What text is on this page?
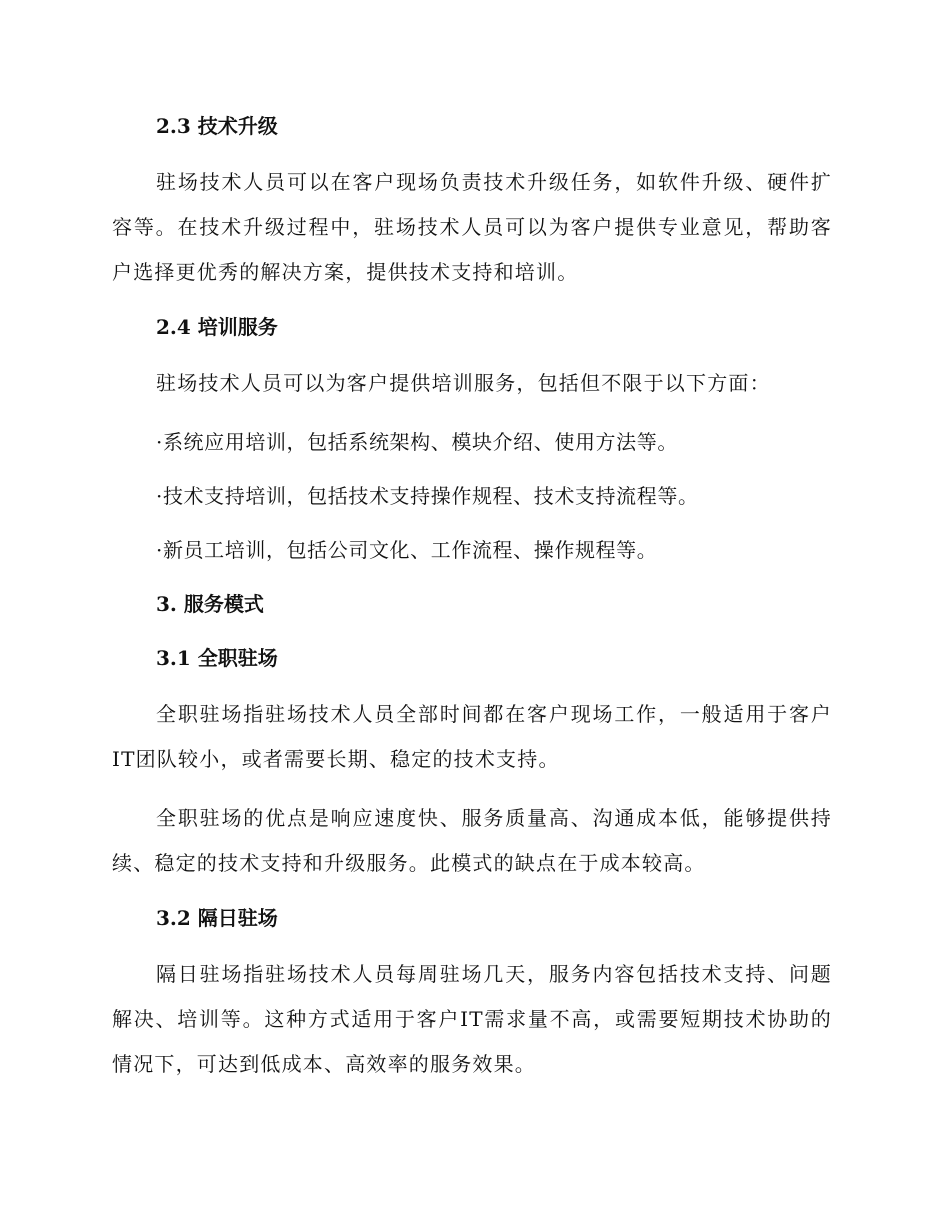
2.3 技术升级

驻场技术人员可以在客户现场负责技术升级任务，如软件升级、硬件扩容等。在技术升级过程中，驻场技术人员可以为客户提供专业意见，帮助客户选择更优秀的解决方案，提供技术支持和培训。

2.4 培训服务

驻场技术人员可以为客户提供培训服务，包括但不限于以下方面：

·系统应用培训，包括系统架构、模块介绍、使用方法等。

·技术支持培训，包括技术支持操作规程、技术支持流程等。

·新员工培训，包括公司文化、工作流程、操作规程等。

3. 服务模式
3.1 全职驻场

全职驻场指驻场技术人员全部时间都在客户现场工作，一般适用于客户IT团队较小，或者需要长期、稳定的技术支持。

全职驻场的优点是响应速度快、服务质量高、沟通成本低，能够提供持续、稳定的技术支持和升级服务。此模式的缺点在于成本较高。

3.2 隔日驻场

隔日驻场指驻场技术人员每周驻场几天，服务内容包括技术支持、问题解决、培训等。这种方式适用于客户IT需求量不高，或需要短期技术协助的情况下，可达到低成本、高效率的服务效果。
